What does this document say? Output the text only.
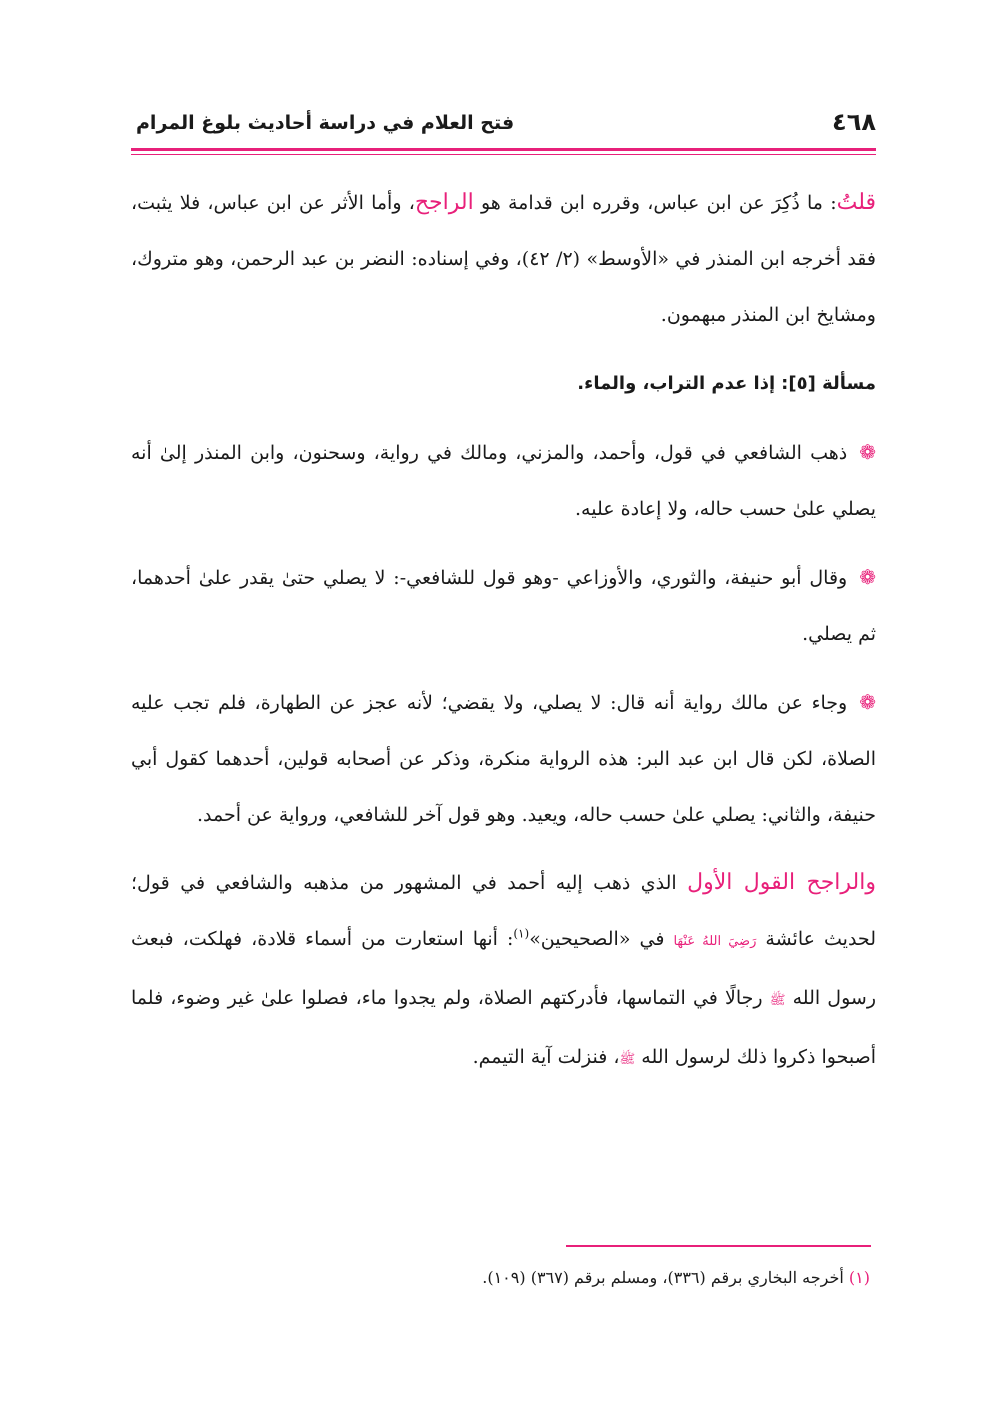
٤٦٨
فتح العلام في دراسة أحاديث بلوغ المرام

قلتُ: ما ذُكِرَ عن ابن عباس، وقرره ابن قدامة هو الراجح، وأما الأثر عن ابن عباس، فلا يثبت، فقد أخرجه ابن المنذر في «الأوسط» (٢/ ٤٢)، وفي إسناده: النضر بن عبد الرحمن، وهو متروك، ومشايخ ابن المنذر مبهمون.

مسألة [٥]: إذا عدم التراب، والماء.

❁ذهب الشافعي في قول، وأحمد، والمزني، ومالك في رواية، وسحنون، وابن المنذر إلىٰ أنه يصلي علىٰ حسب حاله، ولا إعادة عليه.

❁وقال أبو حنيفة، والثوري، والأوزاعي -وهو قول للشافعي-: لا يصلي حتىٰ يقدر علىٰ أحدهما، ثم يصلي.

❁وجاء عن مالك رواية أنه قال: لا يصلي، ولا يقضي؛ لأنه عجز عن الطهارة، فلم تجب عليه الصلاة، لكن قال ابن عبد البر: هذه الرواية منكرة، وذكر عن أصحابه قولين، أحدهما كقول أبي حنيفة، والثاني: يصلي علىٰ حسب حاله، ويعيد. وهو قول آخر للشافعي، ورواية عن أحمد.

والراجح القول الأول الذي ذهب إليه أحمد في المشهور من مذهبه والشافعي في قول؛ لحديث عائشة رَضِيَ اللهُ عَنْهَا في «الصحيحين»$^{(١)}$: أنها استعارت من أسماء قلادة، فهلكت، فبعث رسول الله ﷺ رجالًا في التماسها، فأدركتهم الصلاة، ولم يجدوا ماء، فصلوا علىٰ غير وضوء، فلما أصبحوا ذكروا ذلك لرسول الله ﷺ، فنزلت آية التيمم.

(١) أخرجه البخاري برقم (٣٣٦)، ومسلم برقم (٣٦٧) (١٠٩).
